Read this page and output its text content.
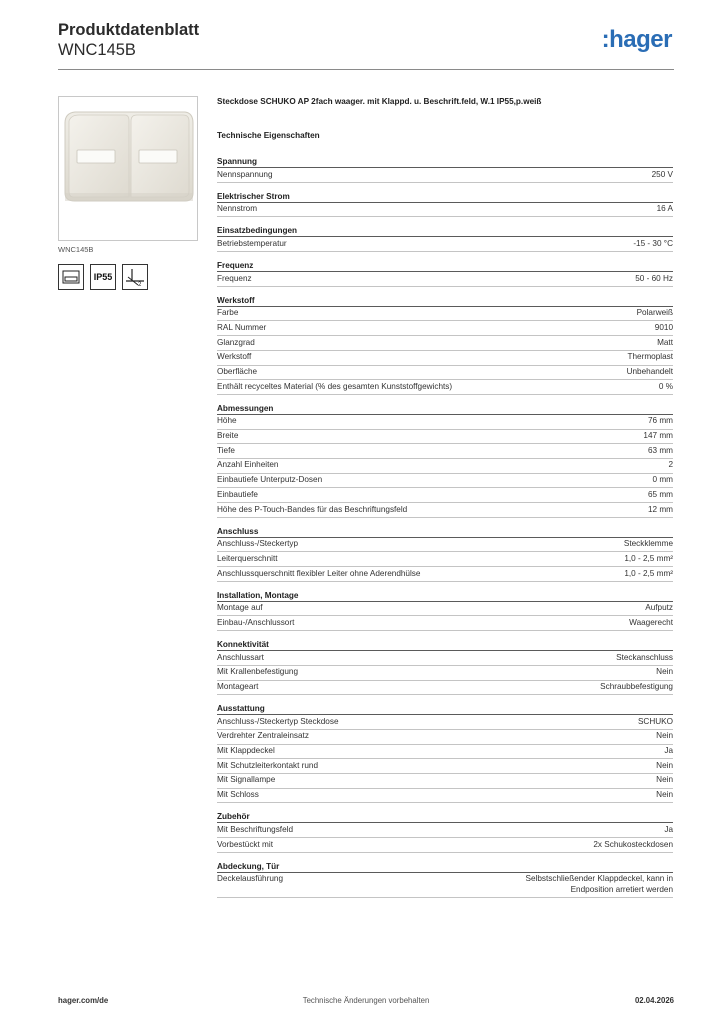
Produktdatenblatt
WNC145B	:hager
WNC145B
IP55
2
Steckdose SCHUKO AP 2fach waager. mit Klappd. u. Beschrift.feld, W.1 IP55,p.weiß
Technische Eigenschaften
Spannung
Nennspannung	250 V
Elektrischer Strom
Nennstrom	16 A
Einsatzbedingungen
Betriebstemperatur	-15 - 30 °C
Frequenz
Frequenz	50 - 60 Hz
Werkstoff
Farbe	Polarweiß
RAL Nummer	9010
Glanzgrad	Matt
Werkstoff	Thermoplast
Oberfläche	Unbehandelt
Enthält recyceltes Material (% des gesamten Kunststoffgewichts)	0 %
Abmessungen
Höhe	76 mm
Breite	147 mm
Tiefe	63 mm
Anzahl Einheiten	2
Einbautiefe Unterputz-Dosen	0 mm
Einbautiefe	65 mm
Höhe des P-Touch-Bandes für das Beschriftungsfeld	12 mm
Anschluss
Anschluss-/Steckertyp	Steckklemme
Leiterquerschnitt	1,0 - 2,5 mm²
Anschlussquerschnitt flexibler Leiter ohne Aderendhülse	1,0 - 2,5 mm²
Installation, Montage
Montage auf	Aufputz
Einbau-/Anschlussort	Waagerecht
Konnektivität
Anschlussart	Steckanschluss
Mit Krallenbefestigung	Nein
Montageart	Schraubbefestigung
Ausstattung
Anschluss-/Steckertyp Steckdose	SCHUKO
Verdrehter Zentraleinsatz	Nein
Mit Klappdeckel	Ja
Mit Schutzleiterkontakt rund	Nein
Mit Signallampe	Nein
Mit Schloss	Nein
Zubehör
Mit Beschriftungsfeld	Ja
Vorbestückt mit	2x Schukosteckdosen
Abdeckung, Tür
Deckelausführung	Selbstschließender Klappdeckel, kann in Endposition arretiert werden
hager.com/de	Technische Änderungen vorbehalten	02.04.2026
